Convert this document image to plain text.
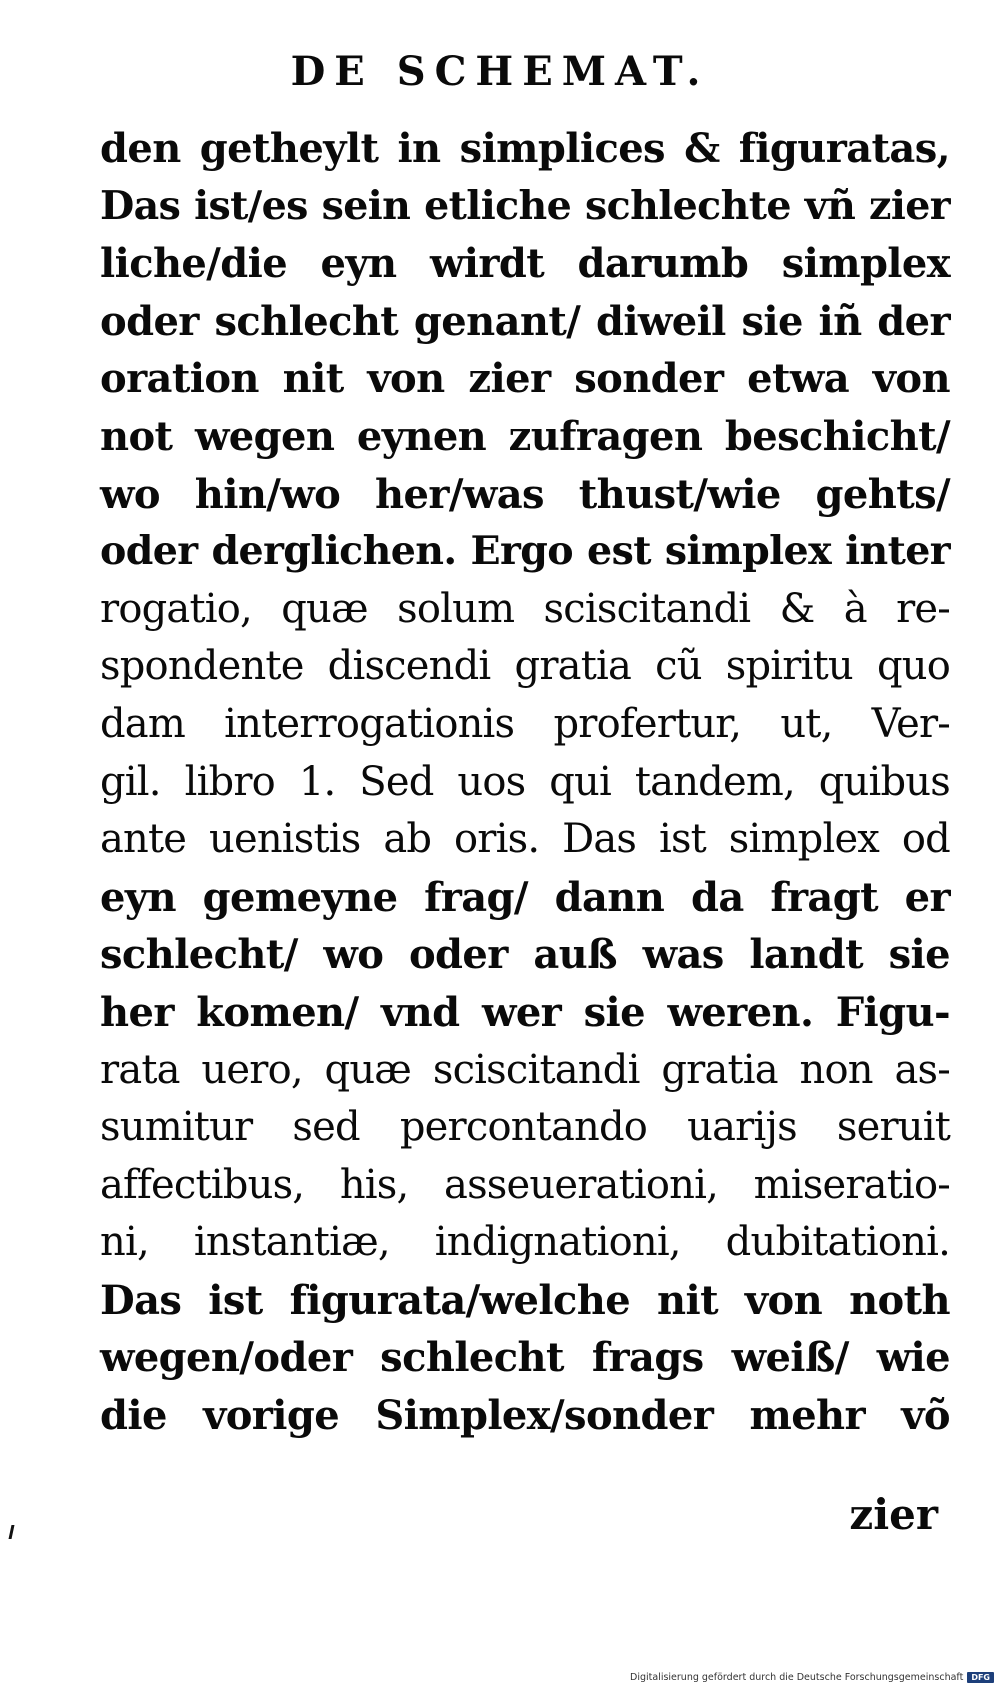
DE SCHEMAT.
den getheylt in simplices & figuratas,
Das ist/es sein etliche schlechte vñ zier
liche/die eyn wirdt darumb simplex
oder schlecht genant/ diweil sie iñ der
oration nit von zier sonder etwa von
not wegen eynen zufragen beschicht/
wo hin/wo her/was thust/wie gehts/
oder derglichen. Ergo est simplex inter
rogatio, quæ solum sciscitandi & à re-
spondente discendi gratia cũ spiritu quo
dam interrogationis profertur, ut, Ver-
gil. libro 1. Sed uos qui tandem, quibus
ante uenistis ab oris. Das ist simplex od
eyn gemeyne frag/ dann da fragt er
schlecht/ wo oder auß was landt sie
her komen/ vnd wer sie weren. Figu-
rata uero, quæ sciscitandi gratia non as-
sumitur sed percontando uarijs seruit
affectibus, his, asseuerationi, miseratio-
ni, instantiæ, indignationi, dubitationi.
Das ist figurata/welche nit von noth
wegen/oder schlecht frags weiß/ wie
die vorige Simplex/sonder mehr võ
zier
Digitalisierung gefördert durch die Deutsche Forschungsgemeinschaft	DFG
